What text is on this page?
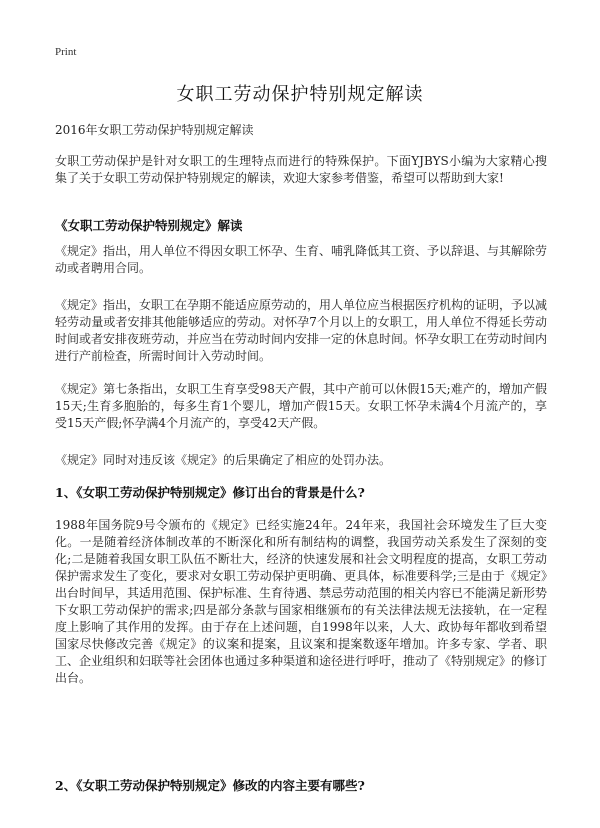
Print
女职工劳动保护特别规定解读
2016年女职工劳动保护特别规定解读

女职工劳动保护是针对女职工的生理特点而进行的特殊保护。下面YJBYS小编为大家精心搜集了关于女职工劳动保护特别规定的解读，欢迎大家参考借鉴，希望可以帮助到大家!

《女职工劳动保护特别规定》解读

《规定》指出，用人单位不得因女职工怀孕、生育、哺乳降低其工资、予以辞退、与其解除劳动或者聘用合同。

《规定》指出，女职工在孕期不能适应原劳动的，用人单位应当根据医疗机构的证明，予以减轻劳动量或者安排其他能够适应的劳动。对怀孕7个月以上的女职工，用人单位不得延长劳动时间或者安排夜班劳动，并应当在劳动时间内安排一定的休息时间。怀孕女职工在劳动时间内进行产前检查，所需时间计入劳动时间。

《规定》第七条指出，女职工生育享受98天产假，其中产前可以休假15天;难产的，增加产假15天;生育多胞胎的，每多生育1个婴儿，增加产假15天。女职工怀孕未满4个月流产的，享受15天产假;怀孕满4个月流产的，享受42天产假。

《规定》同时对违反该《规定》的后果确定了相应的处罚办法。

1、《女职工劳动保护特别规定》修订出台的背景是什么?

1988年国务院9号令颁布的《规定》已经实施24年。24年来，我国社会环境发生了巨大变化。一是随着经济体制改革的不断深化和所有制结构的调整，我国劳动关系发生了深刻的变化;二是随着我国女职工队伍不断壮大，经济的快速发展和社会文明程度的提高，女职工劳动保护需求发生了变化，要求对女职工劳动保护更明确、更具体，标准要科学;三是由于《规定》出台时间早，其适用范围、保护标准、生育待遇、禁忌劳动范围的相关内容已不能满足新形势下女职工劳动保护的需求;四是部分条款与国家相继颁布的有关法律法规无法接轨，在一定程度上影响了其作用的发挥。由于存在上述问题，自1998年以来，人大、政协每年都收到希望国家尽快修改完善《规定》的议案和提案，且议案和提案数逐年增加。许多专家、学者、职工、企业组织和妇联等社会团体也通过多种渠道和途径进行呼吁，推动了《特别规定》的修订出台。

2、《女职工劳动保护特别规定》修改的内容主要有哪些?
